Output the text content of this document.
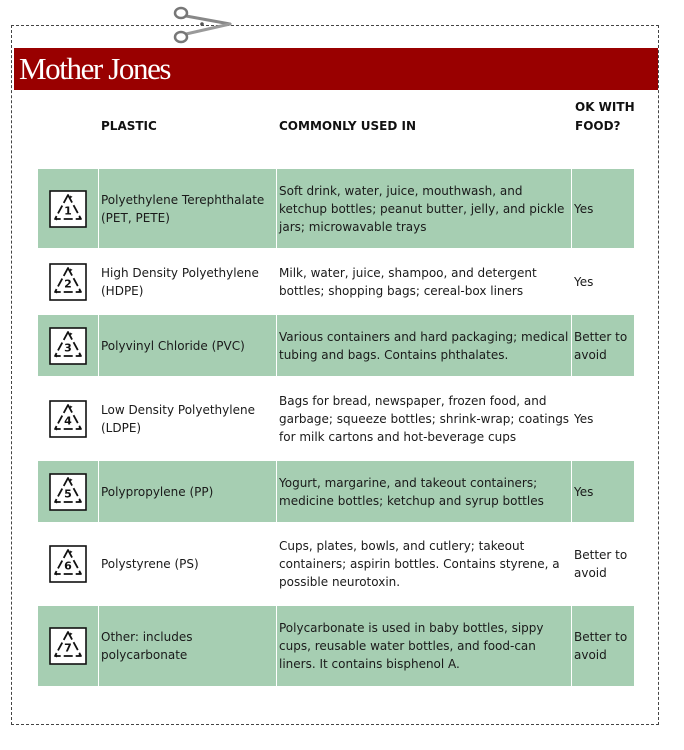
Mother Jones
PLASTIC	COMMONLY USED IN
OK WITH FOOD?
1
Polyethylene Terephthalate (PET, PETE)
Soft drink, water, juice, mouthwash, and ketchup bottles; peanut butter, jelly, and pickle jars; microwavable trays
Yes
2
High Density Polyethylene (HDPE)
Milk, water, juice, shampoo, and detergent bottles; shopping bags; cereal-box liners
Yes
3 Polyvinyl Chloride (PVC)
Various containers and hard packaging; medical tubing and bags. Contains phthalates.
Better to avoid
4
Low Density Polyethylene (LDPE)
Bags for bread, newspaper, frozen food, and garbage; squeeze bottles; shrink-wrap; coatings for milk cartons and hot-beverage cups
Yes
5 Polypropylene (PP)
Yogurt, margarine, and takeout containers; medicine bottles; ketchup and syrup bottles
Yes
6 Polystyrene (PS)
Cups, plates, bowls, and cutlery; takeout containers; aspirin bottles. Contains styrene, a possible neurotoxin.
Better to avoid
7
Other: includes polycarbonate
Polycarbonate is used in baby bottles, sippy cups, reusable water bottles, and food-can liners. It contains bisphenol A.
Better to avoid
